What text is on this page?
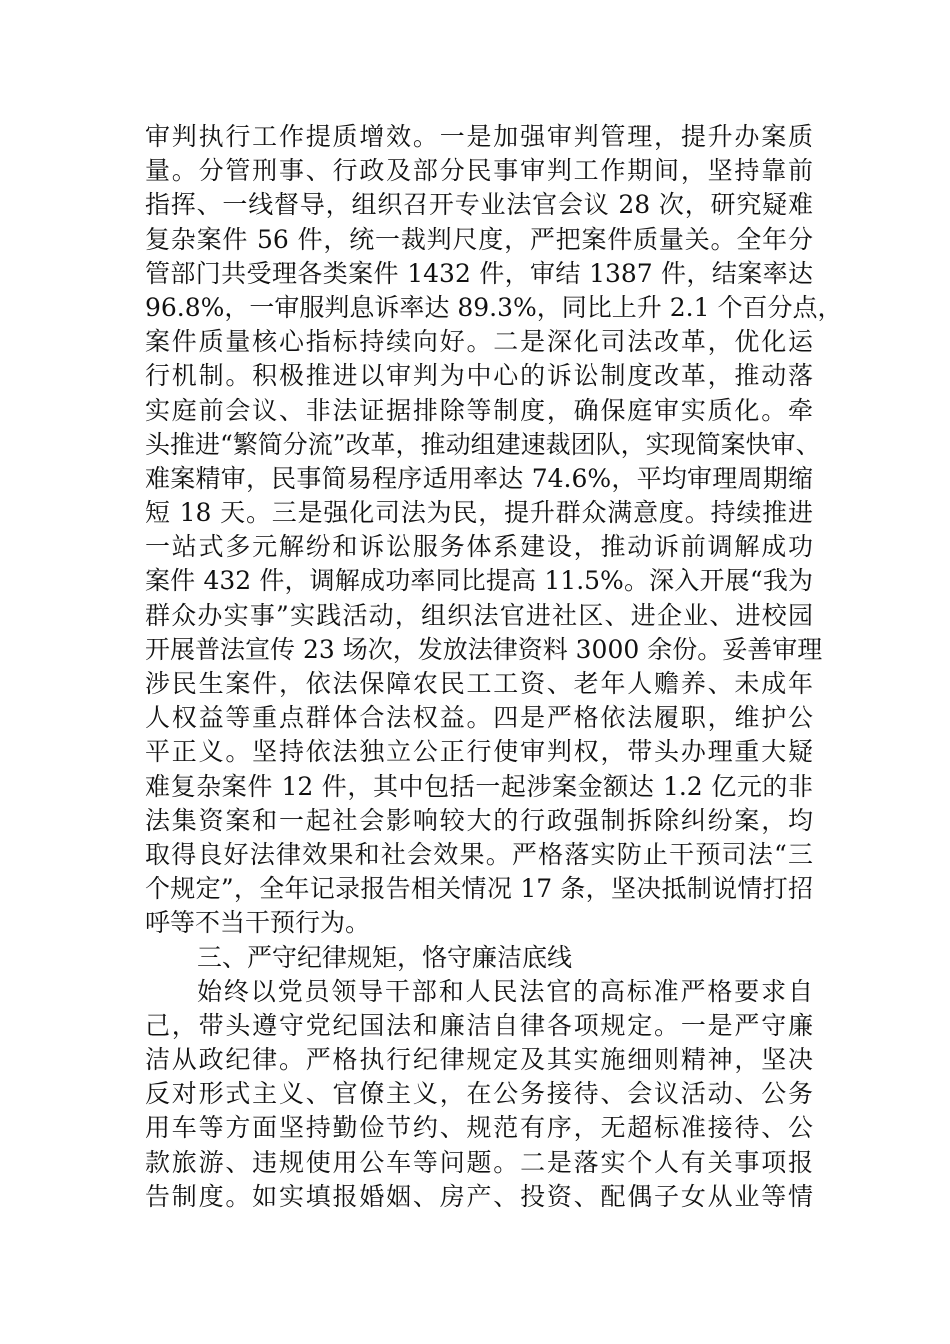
审判执行工作提质增效。一是加强审判管理，提升办案质
量。分管刑事、行政及部分民事审判工作期间，坚持靠前
指挥、一线督导，组织召开专业法官会议 28 次，研究疑难
复杂案件 56 件，统一裁判尺度，严把案件质量关。全年分
管部门共受理各类案件 1432 件，审结 1387 件，结案率达
96.8%，一审服判息诉率达 89.3%，同比上升 2.1 个百分点，
案件质量核心指标持续向好。二是深化司法改革，优化运
行机制。积极推进以审判为中心的诉讼制度改革，推动落
实庭前会议、非法证据排除等制度，确保庭审实质化。牵
头推进“繁简分流”改革，推动组建速裁团队，实现简案快审、
难案精审，民事简易程序适用率达 74.6%，平均审理周期缩
短 18 天。三是强化司法为民，提升群众满意度。持续推进
一站式多元解纷和诉讼服务体系建设，推动诉前调解成功
案件 432 件，调解成功率同比提高 11.5%。深入开展“我为
群众办实事”实践活动，组织法官进社区、进企业、进校园
开展普法宣传 23 场次，发放法律资料 3000 余份。妥善审理
涉民生案件，依法保障农民工工资、老年人赡养、未成年
人权益等重点群体合法权益。四是严格依法履职，维护公
平正义。坚持依法独立公正行使审判权，带头办理重大疑
难复杂案件 12 件，其中包括一起涉案金额达 1.2 亿元的非
法集资案和一起社会影响较大的行政强制拆除纠纷案，均
取得良好法律效果和社会效果。严格落实防止干预司法“三
个规定”，全年记录报告相关情况 17 条，坚决抵制说情打招
呼等不当干预行为。
三、严守纪律规矩，恪守廉洁底线
始终以党员领导干部和人民法官的高标准严格要求自
己，带头遵守党纪国法和廉洁自律各项规定。一是严守廉
洁从政纪律。严格执行纪律规定及其实施细则精神，坚决
反对形式主义、官僚主义，在公务接待、会议活动、公务
用车等方面坚持勤俭节约、规范有序，无超标准接待、公
款旅游、违规使用公车等问题。二是落实个人有关事项报
告制度。如实填报婚姻、房产、投资、配偶子女从业等情
